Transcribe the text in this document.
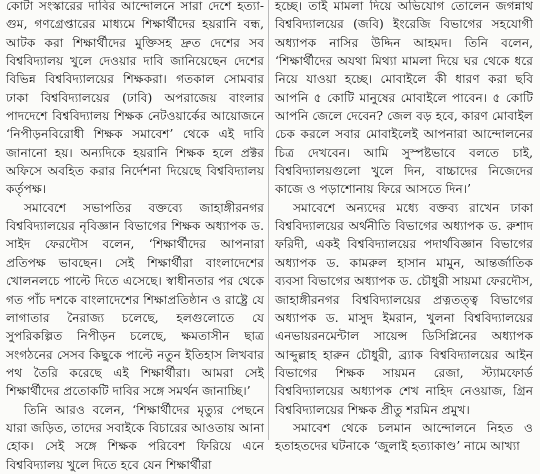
কোটা সংস্কারের দাবির আন্দোলনে সারা দেশে হত্যা-গুম, গণগ্রেপ্তারের মাধ্যমে শিক্ষার্থীদের হয়রানি বন্ধ, আটক করা শিক্ষার্থীদের মুক্তিসহ দ্রুত দেশের সব বিশ্ববিদ্যালয় খুলে দেওয়ার দাবি জানিয়েছেন দেশের বিভিন্ন বিশ্ববিদ্যালয়ের শিক্ষকরা। গতকাল সোমবার ঢাকা বিশ্ববিদ্যালয়ের (ঢাবি) অপরাজেয় বাংলার পাদদেশে বিশ্ববিদ্যালয় শিক্ষক নেটওয়ার্কের আয়োজনে ‘নিপীড়নবিরোধী শিক্ষক সমাবেশ’ থেকে এই দাবি জানানো হয়। অন্যদিকে হয়রানি শিক্ষক হলে প্রক্টর অফিসে অবহিত করার নির্দেশনা দিয়েছে বিশ্ববিদ্যালয় কর্তৃপক্ষ।

সমাবেশে সভাপতির বক্তব্যে জাহাঙ্গীরনগর বিশ্ববিদ্যালয়ের নৃবিজ্ঞান বিভাগের শিক্ষক অধ্যাপক ড. সাইদ ফেরদৌস বলেন, ‘শিক্ষার্থীদের আপনারা প্রতিপক্ষ ভাবছেন। সেই শিক্ষার্থীরা বাংলাদেশের খোলনলচে পাল্টে দিতে এসেছে। স্বাধীনতার পর থেকে গত পাঁচ দশকে বাংলাদেশের শিক্ষাপ্রতিষ্ঠান ও রাষ্ট্রে যে লাগাতার নৈরাজ্য চলেছে, হলগুলোতে যে সুপরিকল্পিত নিপীড়ন চলেছে, ক্ষমতাসীন ছাত্র সংগঠনের সেসব কিছুকে পাল্টে নতুন ইতিহাস লিখবার পথ তৈরি করেছে এই শিক্ষার্থীরা। আমরা সেই শিক্ষার্থীদের প্রতোকটি দাবির সঙ্গে সমর্থন জানাচ্ছি।’

তিনি আরও বলেন, ‘শিক্ষার্থীদের মৃত্যুর পেছনে যারা জড়িত, তাদের সবাইকে বিচারের আওতায় আনা হোক। সেই সঙ্গে শিক্ষক পরিবেশ ফিরিয়ে এনে বিশ্ববিদ্যালয় খুলে দিতে হবে যেন শিক্ষার্থীরা

হচ্ছে। তাই মামলা দিয়ে অভিযোগ তোলেন জগন্নাথ বিশ্ববিদ্যালয়ের (জবি) ইংরেজি বিভাগের সহযোগী অধ্যাপক নাসির উদ্দিন আহমদ। তিনি বলেন, ‘শিক্ষার্থীদের অযথা মিথ্যা মামলা দিয়ে ঘর থেকে ধরে নিয়ে যাওয়া হচ্ছে। মোবাইলে কী ধারণ করা ছবি আপনি ৫ কোটি মানুষের মোবাইলে পাবেন। ৫ কোটি আপনি জেলে দেবেন? জেল বড় হবে, কারণ মোবাইল চেক করলে সবার মোবাইলেই আপনারা আন্দোলনের চিত্র দেখবেন। আমি সুস্পষ্টভাবে বলতে চাই, বিশ্ববিদ্যালয়গুলো খুলে দিন, বাচ্চাদের নিজেদের কাজে ও পড়াশোনায় ফিরে আসতে দিন।’

সমাবেশে অন্যদের মধ্যে বক্তব্য রাখেন ঢাকা বিশ্ববিদ্যালয়ের অর্থনীতি বিভাগের অধ্যাপক ড. রুশাদ ফরিদী, একই বিশ্ববিদ্যালয়ের পদার্থবিজ্ঞান বিভাগের অধ্যাপক ড. কামরুল হাসান মামুন, আন্তর্জাতিক ব্যবসা বিভাগের অধ্যাপক ড. চৌধুরী সায়মা ফেরদৌস, জাহাঙ্গীরনগর বিশ্ববিদ্যালয়ের প্রত্নতত্ত্ব বিভাগের অধ্যাপক ড. মাসুদ ইমরান, খুলনা বিশ্ববিদ্যালয়ের এনভায়রনমেন্টাল সায়েন্স ডিসিপ্লিনের অধ্যাপক আব্দুল্লাহ হারুন চৌধুরী, ব্র্যাক বিশ্ববিদ্যালয়ের আইন বিভাগের শিক্ষক সায়মন রেজা, স্ট্যামফোর্ড বিশ্ববিদ্যালয়ের অধ্যাপক শেখ নাহিদ নেওয়াজ, গ্রিন বিশ্ববিদ্যালয়ের শিক্ষক প্রীতু শরমিন প্রমুখ।

সমাবেশ থেকে চলমান আন্দোলনে নিহত ও হতাহতদের ঘটনাকে ‘জুলাই হত্যাকাণ্ড’ নামে আখ্যা
